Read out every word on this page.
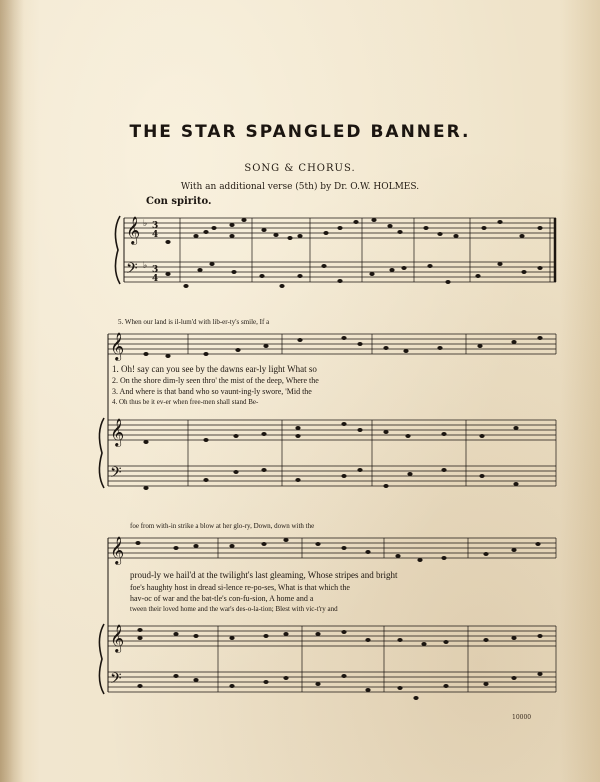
THE STAR SPANGLED BANNER.
SONG & CHORUS.
With an additional verse (5th) by Dr. O.W. HOLMES.
Con spirito.
𝄞
𝄢
𝄞
𝄞
𝄢
𝄞
𝄞
𝄢
♭
♭
3
4
3
4
5. When our land is il-lum'd with lib-er-ty's smile, If a
1. Oh! say can you see by the dawns ear-ly light What so
2. On the shore dim-ly seen thro' the mist of the deep, Where the
3. And where is that band who so vaunt-ing-ly swore, 'Mid the
4. Oh thus be it ev-er when free-men shall stand Be-
foe from with-in strike a blow at her glo-ry, Down, down with the
proud-ly we hail'd at the twilight's last gleaming, Whose stripes and bright
foe's haughty host in dread si-lence re-po-ses, What is that which the
hav-oc of war and the bat-tle's con-fu-sion, A home and a
tween their loved home and the war's des-o-la-tion; Blest with vic-t'ry and
10000
